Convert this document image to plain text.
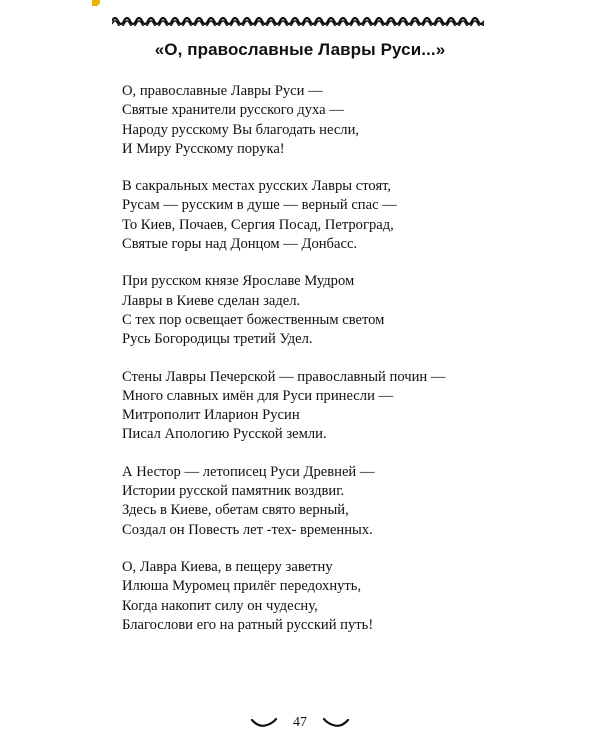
«О, православные Лавры Руси...»
О, православные Лавры Руси —
Святые хранители русского духа —
Народу русскому Вы благодать несли,
И Миру Русскому порука!
В сакральных местах русских Лавры стоят,
Русам — русским в душе — верный спас —
То Киев, Почаев, Сергия Посад, Петроград,
Святые горы над Донцом — Донбасс.
При русском князе Ярославе Мудром
Лавры в Киеве сделан задел.
С тех пор освещает божественным светом
Русь Богородицы третий Удел.
Стены Лавры Печерской — православный почин —
Много славных имён для Руси принесли —
Митрополит Иларион Русин
Писал Апологию Русской земли.
А Нестор — летописец Руси Древней —
Истории русской памятник воздвиг.
Здесь в Киеве, обетам свято верный,
Создал он Повесть лет -тех- временных.
О, Лавра Киева, в пещеру заветну
Илюша Муромец прилёг передохнуть,
Когда накопит силу он чудесну,
Благослови его на ратный русский путь!
47
